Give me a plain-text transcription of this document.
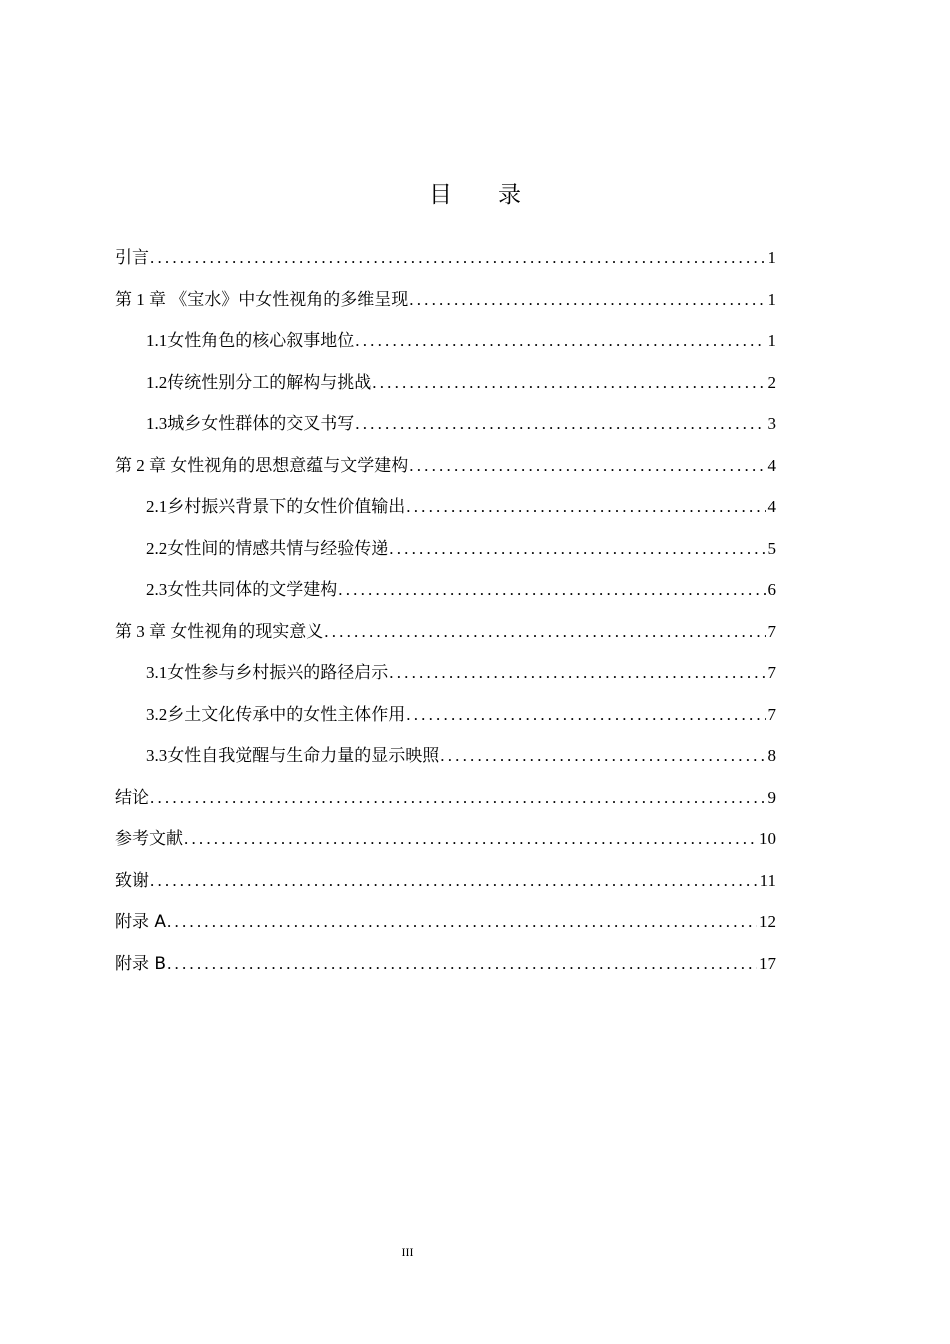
目录
引言 .....	1
第 1 章 《宝水》中女性视角的多维呈现 .....	1
1.1 女性角色的核心叙事地位 .....	1
1.2 传统性别分工的解构与挑战 .....	2
1.3 城乡女性群体的交叉书写 .....	3
第 2 章 女性视角的思想意蕴与文学建构 .....	4
2.1 乡村振兴背景下的女性价值输出 .....	4
2.2 女性间的情感共情与经验传递 .....	5
2.3 女性共同体的文学建构 .....	6
第 3 章 女性视角的现实意义 .....	7
3.1 女性参与乡村振兴的路径启示 .....	7
3.2 乡土文化传承中的女性主体作用 .....	7
3.3 女性自我觉醒与生命力量的显示映照 .....	8
结论 .....	9
参考文献 .....	10
致谢 .....	11
附录 A .....	12
附录 B .....	17
III
